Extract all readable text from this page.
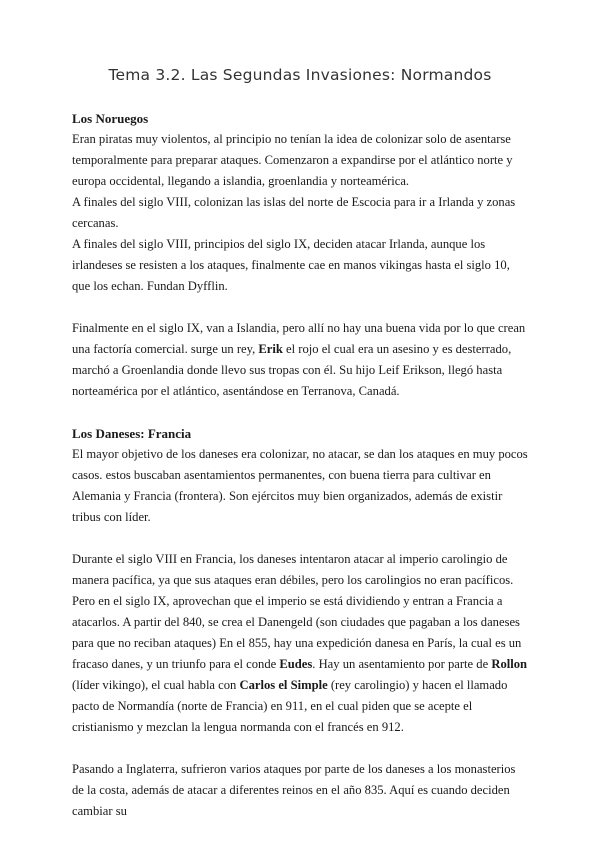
Tema 3.2. Las Segundas Invasiones: Normandos
Los Noruegos

Eran piratas muy violentos, al principio no tenían la idea de colonizar solo de asentarse temporalmente para preparar ataques. Comenzaron a expandirse por el atlántico norte y europa occidental, llegando a islandia, groenlandia y norteamérica.

A finales del siglo VIII, colonizan las islas del norte de Escocia para ir a Irlanda y zonas cercanas.

A finales del siglo VIII, principios del siglo IX, deciden atacar Irlanda, aunque los irlandeses se resisten a los ataques, finalmente cae en manos vikingas hasta el siglo 10, que los echan. Fundan Dyfflin.

Finalmente en el siglo IX, van a Islandia, pero allí no hay una buena vida por lo que crean una factoría comercial. surge un rey, Erik el rojo el cual era un asesino y es desterrado, marchó a Groenlandia donde llevo sus tropas con él. Su hijo Leif Erikson, llegó hasta norteamérica por el atlántico, asentándose en Terranova, Canadá.

Los Daneses: Francia

El mayor objetivo de los daneses era colonizar, no atacar, se dan los ataques en muy pocos casos. estos buscaban asentamientos permanentes, con buena tierra para cultivar en Alemania y Francia (frontera). Son ejércitos muy bien organizados, además de existir tribus con líder.

Durante el siglo VIII en Francia, los daneses intentaron atacar al imperio carolingio de manera pacífica, ya que sus ataques eran débiles, pero los carolingios no eran pacíficos.

Pero en el siglo IX, aprovechan que el imperio se está dividiendo y entran a Francia a atacarlos. A partir del 840, se crea el Danengeld (son ciudades que pagaban a los daneses para que no reciban ataques) En el 855, hay una expedición danesa en París, la cual es un fracaso danes, y un triunfo para el conde Eudes. Hay un asentamiento por parte de Rollon (líder vikingo), el cual habla con Carlos el Simple (rey carolingio) y hacen el llamado pacto de Normandía (norte de Francia) en 911, en el cual piden que se acepte el cristianismo y mezclan la lengua normanda con el francés en 912.

Pasando a Inglaterra, sufrieron varios ataques por parte de los daneses a los monasterios de la costa, además de atacar a diferentes reinos en el año 835. Aquí es cuando deciden cambiar su
